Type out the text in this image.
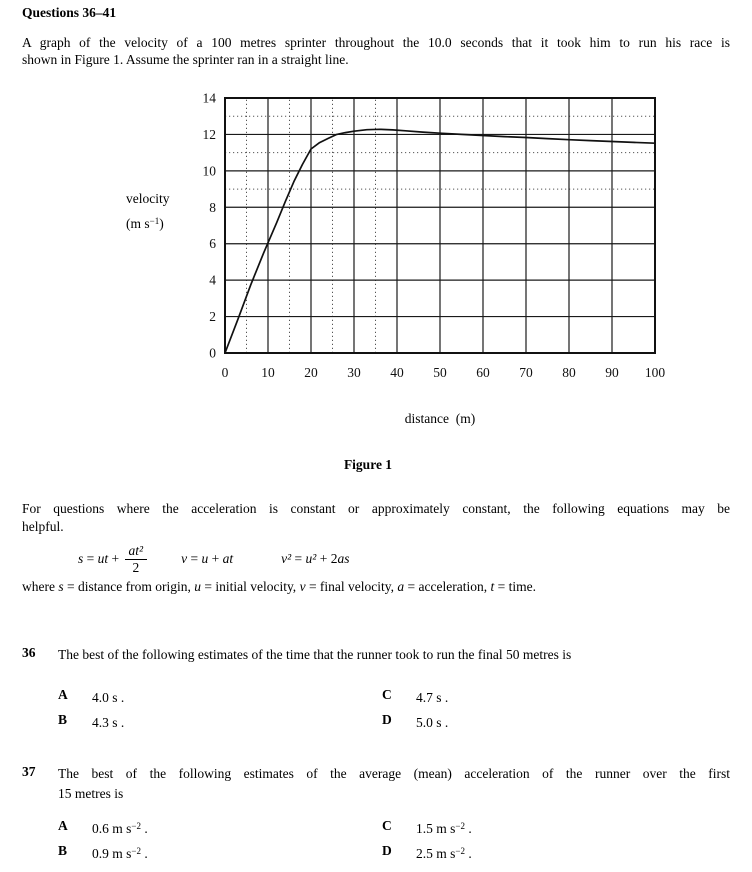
Questions 36–41
A graph of the velocity of a 100 metres sprinter throughout the 10.0 seconds that it took him to run his race is
shown in Figure 1. Assume the sprinter ran in a straight line.
0
2
4
6
8
10
12
14
0 10 20 30 40 50 60 70 80 90 100
velocity
(m $s^{-1}$)
distance (m)
Figure 1
For questions where the acceleration is constant or approximately constant, the following equations may be
helpful.
s = ut + $\frac{\text{at²}}{2}$	v = u + at	v² = u² + 2 as
where s = distance from origin, u = initial velocity, v = final velocity, a = acceleration, t = time.
36 The best of the following estimates of the time that the runner took to run the final 50 metres is
A	4.0 s .	C	4.7 s .
B	4.3 s .	D	5.0 s .
37 The best of the following estimates of the average (mean) acceleration of the runner over the first
15 metres is
A	0.6 m $s^{-2}$ .	C	1.5 m $s^{-2}$ .
B	0.9 m $s^{-2}$ .	D	2.5 m $s^{-2}$ .
